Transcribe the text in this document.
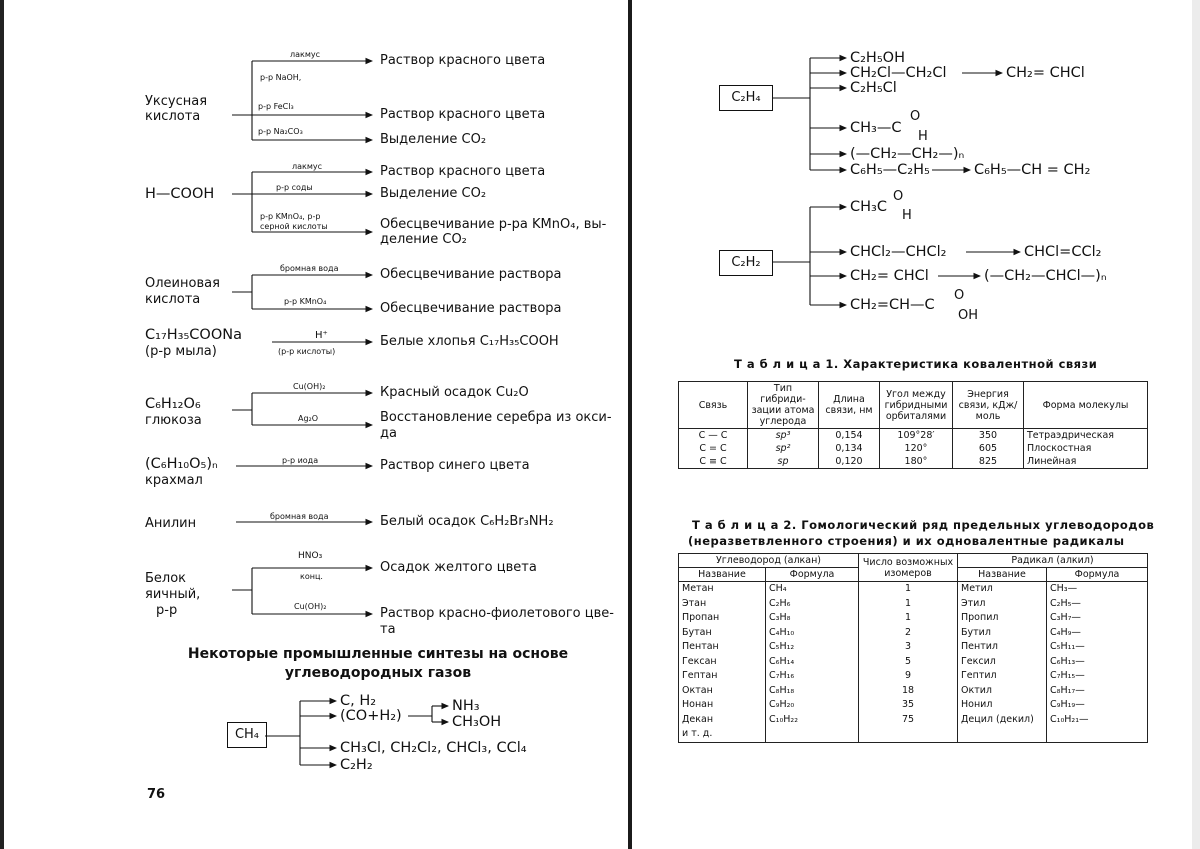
Уксусная
кислота
лакмус
р-р NaOH,
р-р FeCl₃
р-р Na₂CO₃
Раствор красного цвета
Раствор красного цвета
Выделение CO₂
H—COOH
лакмус
р-р соды
р-р KMnO₄, р-р
серной кислоты
Раствор красного цвета
Выделение CO₂
Обесцвечивание р-ра KMnO₄, вы-
деление CO₂
Олеиновая
кислота
бромная вода
р-р KMnO₄
Обесцвечивание раствора
Обесцвечивание раствора
C₁₇H₃₅COONa
(р-р мыла)
H⁺
(р-р кислоты)
Белые хлопья C₁₇H₃₅COOH
C₆H₁₂O₆
глюкоза
Cu(OH)₂
Ag₂O
Красный осадок Cu₂O
Восстановление серебра из окси-
да
(C₆H₁₀O₅)ₙ
крахмал
р-р иода	Раствор синего цвета
Анилин	бромная вода	Белый осадок C₆H₂Br₃NH₂
Белок
яичный,
р-р
HNO₃
конц.
Cu(OH)₂
Осадок желтого цвета
Раствор красно-фиолетового цве-
та
Некоторые промышленные синтезы на основе
углеводородных газов
CH₄
C, H₂
(CO+H₂)
NH₃
CH₃OH
CH₃Cl, CH₂Cl₂, CHCl₃, CCl₄
C₂H₂
76
C₂H₄
C₂H₅OH
CH₂Cl—CH₂Cl	CH₂= CHCl
C₂H₅Cl
CH₃—C
O
H
(—CH₂—CH₂—)ₙ
C₆H₅—C₂H₅	C₆H₅—CH = CH₂
C₂H₂
CH₃C
O
H
CHCl₂—CHCl₂	CHCl=CCl₂
CH₂= CHCl	(—CH₂—CHCl—)ₙ
CH₂=CH—C
O
OH
Т а б л и ц а 1. Характеристика ковалентной связи
Связь	Тип гибриди- зации атома углерода	Длина связи, нм	Угол между гибридными орбиталями	Энергия связи, кДж/моль	Форма молекулы
C — C	sp³	0,154	109°28′	350	Тетраэдрическая
C = C	sp²	0,134	120°	605	Плоскостная
C ≡ C	sp	0,120	180°	825	Линейная
Т а б л и ц а 2. Гомологический ряд предельных углеводородов
(неразветвленного строения) и их одновалентные радикалы
Углеводород (алкан)		Число возможных изомеров	Радикал (алкил)	
Название	Формула		Название	Формула
Метан	CH₄	1	Метил	CH₃—
Этан	C₂H₆	1	Этил	C₂H₅—
Пропан	C₃H₈	1	Пропил	C₃H₇—
Бутан	C₄H₁₀	2	Бутил	C₄H₉—
Пентан	C₅H₁₂	3	Пентил	C₅H₁₁—
Гексан	C₆H₁₄	5	Гексил	C₆H₁₃—
Гептан	C₇H₁₆	9	Гептил	C₇H₁₅—
Октан	C₈H₁₈	18	Октил	C₈H₁₇—
Нонан	C₉H₂₀	35	Нонил	C₉H₁₉—
Декан	C₁₀H₂₂	75	Децил (декил)	C₁₀H₂₁—
и т. д.				
